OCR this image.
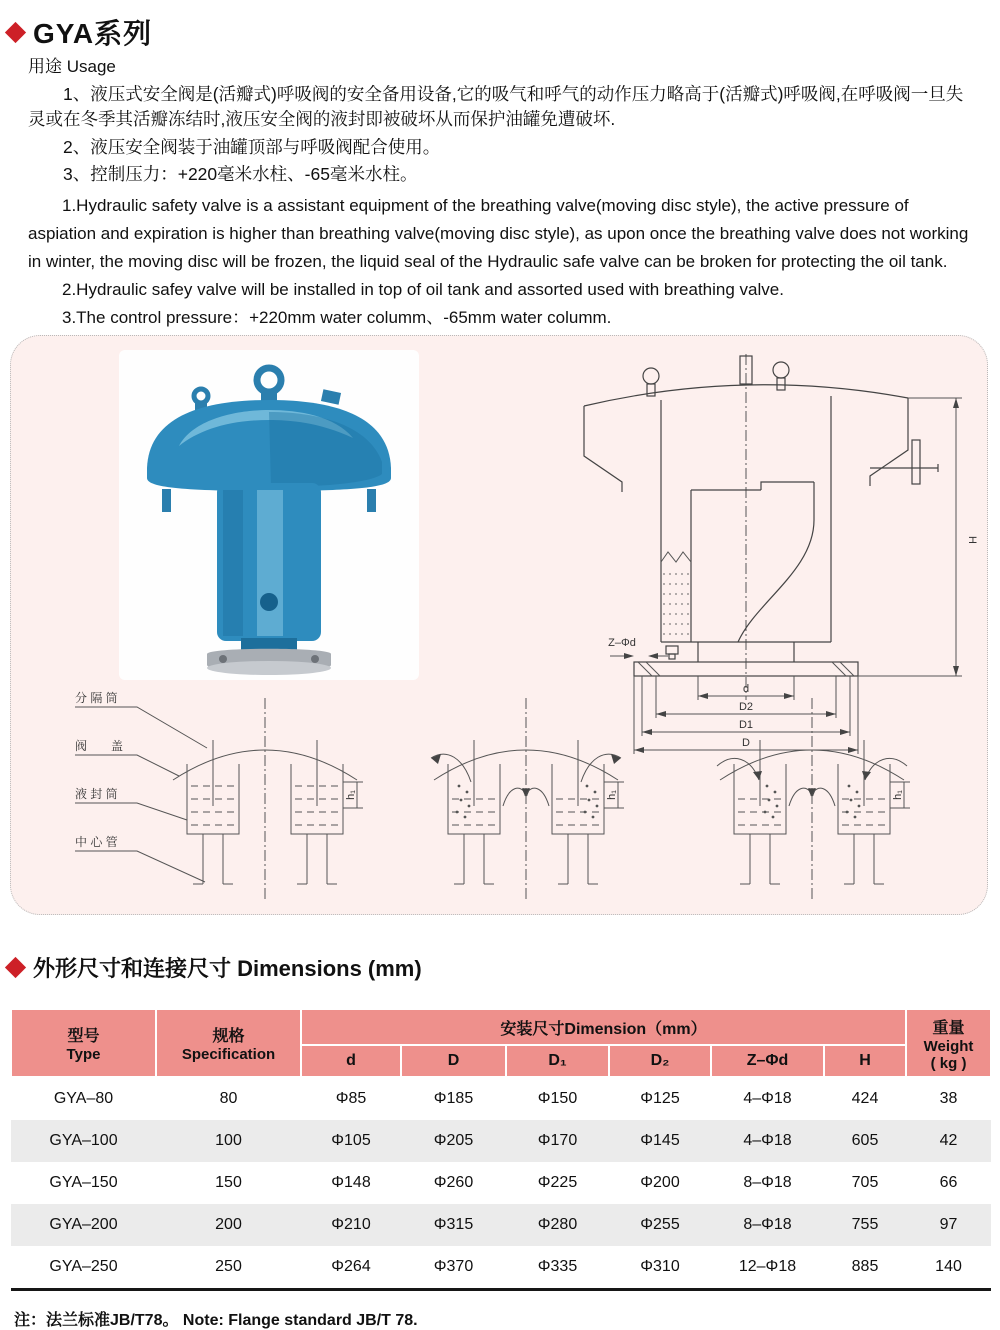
GYA系列
用途 Usage

1、液压式安全阀是(活瓣式)呼吸阀的安全备用设备,它的吸气和呼气的动作压力略高于(活瓣式)呼吸阀,在呼吸阀一旦失灵或在冬季其活瓣冻结时,液压安全阀的液封即被破坏从而保护油罐免遭破坏.

2、液压安全阀装于油罐顶部与呼吸阀配合使用。

3、控制压力：+220毫米水柱、-65毫米水柱。

1.Hydraulic safety valve is a assistant equipment of the breathing valve(moving disc style), the active pressure of aspiation and expiration is higher than breathing valve(moving disc style), as upon once the breathing valve does not working in winter, the moving disc will be frozen, the liquid seal of the Hydraulic safe valve can be broken for protecting the oil tank.

2.Hydraulic safey valve will be installed in top of oil tank and assorted used with breathing valve.

3.The control pressure：+220mm water columm、-65mm water columm.

H
Z–Φd
d
D2
D1
D
分 隔 筒
阀　　盖
液 封 筒
中 心 管
h₁	h₁	h₁
外形尺寸和连接尺寸 Dimensions (mm)
型号
Type

规格
Specification
	安装尺寸Dimension（mm）	重量
Weight
( kg )

		d	D	D₁	D₂	Z–Φd	H	
GYA–80	80	Φ85	Φ185	Φ150	Φ125	4–Φ18	424	38
GYA–100	100	Φ105	Φ205	Φ170	Φ145	4–Φ18	605	42
GYA–150	150	Φ148	Φ260	Φ225	Φ200	8–Φ18	705	66
GYA–200	200	Φ210	Φ315	Φ280	Φ255	8–Φ18	755	97
GYA–250	250	Φ264	Φ370	Φ335	Φ310	12–Φ18	885	140

注：法兰标准JB/T78。 Note: Flange standard JB/T 78.
